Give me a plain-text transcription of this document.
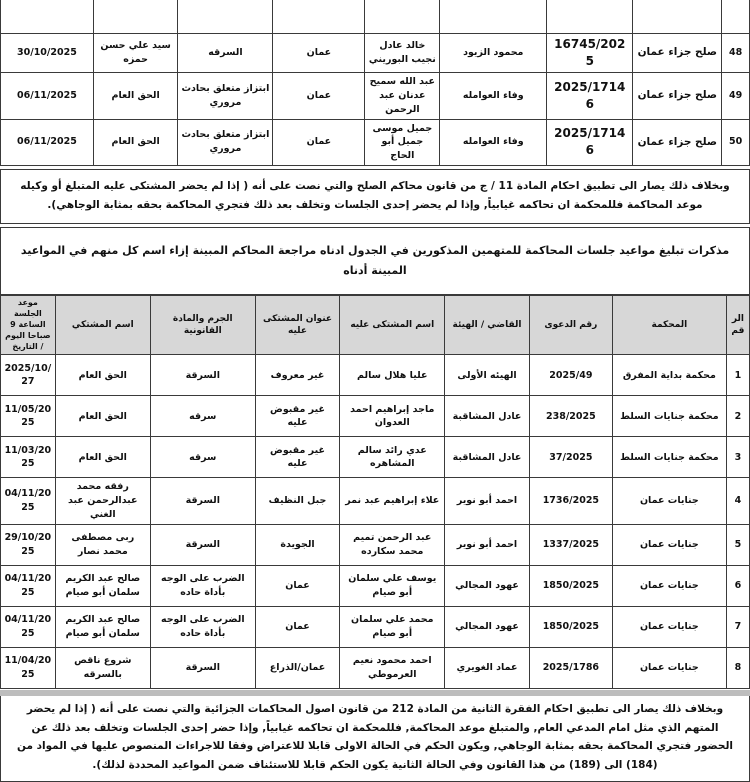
48	صلح جزاء عمان	16745/2025	محمود الزيود	خالد عادل نجيب البوريني	عمان	السرقه	سيد علي حسن حمزه	30/10/2025
49	صلح جزاء عمان	2025/17146	وفاء العوامله	عبد الله سميح عدنان عبد الرحمن	عمان	ابتزاز متعلق بحادث مروري	الحق العام	06/11/2025
50	صلح جزاء عمان	2025/17146	وفاء العوامله	جميل موسى جميل أبو الحاج	عمان	ابتزاز متعلق بحادث مروري	الحق العام	06/11/2025
وبخلاف ذلك يصار الى تطبيق احكام المادة 11 / ج من قانون محاكم الصلح والتي نصت على أنه ( إذا لم يحضر المشتكى عليه المتبلغ أو وكيله موعد المحاكمة فللمحكمة ان تحاكمه غيابياً, وإذا لم يحضر إحدى الجلسات وتخلف بعد ذلك فتجري المحاكمة بحقه بمثابة الوجاهي).
مذكرات تبليغ مواعيد جلسات المحاكمة للمتهمين المذكورين في الجدول ادناه مراجعة المحاكم المبينة إزاء اسم كل منهم في المواعيد المبينة أدناه
الرقم	المحكمة	رقم الدعوى	القاضي / الهيئة	اسم المشتكى عليه	عنوان المشتكى عليه	الجرم والمادة القانونية	اسم المشتكي	موعد الجلسة الساعة 9 صباحا اليوم / التاريخ
1	محكمة بداية المفرق	2025/49	الهيئه الأولى	عليا هلال سالم	غير معروف	السرقة	الحق العام	2025/10/27
2	محكمة جنايات السلط	238/2025	عادل المشاقبة	ماجد إبراهيم احمد العدوان	غير مقبوض عليه	سرقه	الحق العام	11/05/2025
3	محكمة جنايات السلط	37/2025	عادل المشاقبة	عدي رائد سالم المشاهره	غير مقبوض عليه	سرقه	الحق العام	11/03/2025
4	جنايات عمان	1736/2025	احمد أبو نوير	علاء إبراهيم عبد نمر	جبل النظيف	السرقة	رفقه محمد عبدالرحمن عبد الغني	04/11/2025
5	جنايات عمان	1337/2025	احمد أبو نوير	عبد الرحمن تميم محمد سكارده	الجويدة	السرقة	ربى مصطفى محمد نصار	29/10/2025
6	جنايات عمان	1850/2025	عهود المجالي	يوسف علي سلمان أبو صيام	عمان	الضرب على الوجه بأداة حاده	صالح عبد الكريم سلمان أبو صيام	04/11/2025
7	جنايات عمان	1850/2025	عهود المجالي	محمد علي سلمان أبو صيام	عمان	الضرب على الوجه بأداة حاده	صالح عبد الكريم سلمان أبو صيام	04/11/2025
8	جنايات عمان	2025/1786	عماد الغويري	احمد محمود نعيم العرموطي	عمان/الذراع	السرقة	شروع ناقص بالسرقه	11/04/2025
وبخلاف ذلك يصار الى تطبيق احكام الفقرة الثانية من المادة 212 من قانون اصول المحاكمات الجزائية والتي نصت على أنه ( إذا لم يحضر المتهم الذي مثل امام المدعي العام, والمتبلغ موعد المحاكمة, فللمحكمة ان تحاكمه غيابياً, وإذا حضر إحدى الجلسات وتخلف بعد ذلك عن الحضور فتجري المحاكمة بحقه بمثابة الوجاهي, ويكون الحكم في الحالة الاولى قابلا للاعتراض وفقا للاجراءات المنصوص عليها في المواد من (184) الى (189) من هذا القانون وفي الحالة الثانية يكون الحكم قابلا للاستئناف ضمن المواعيد المحددة لذلك).
